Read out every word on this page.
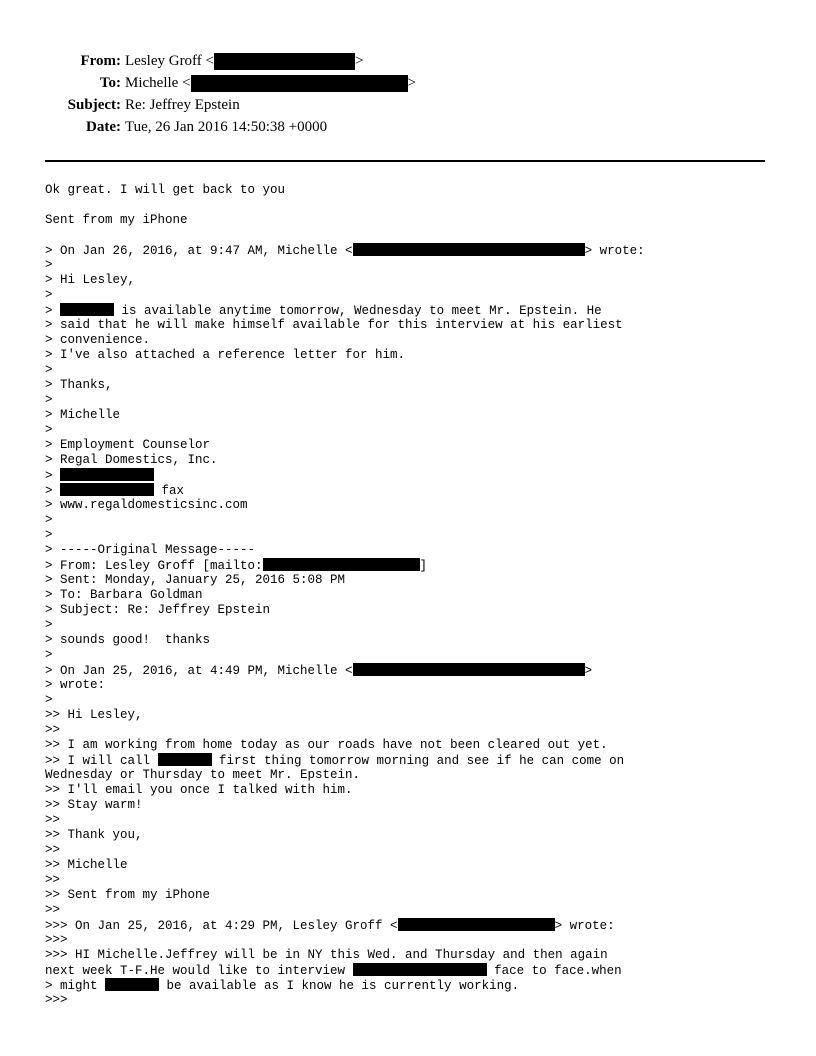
From: Lesley Groff <	>
To: Michelle <	>
Subject: Re: Jeffrey Epstein
Date: Tue, 26 Jan 2016 14:50:38 +0000
Ok great. I will get back to you
Sent from my iPhone
> On Jan 26, 2016, at 9:47 AM, Michelle <	> wrote:
>
> Hi Lesley,
>
>	is available anytime tomorrow, Wednesday to meet Mr. Epstein. He
> said that he will make himself available for this interview at his earliest
> convenience.
> I've also attached a reference letter for him.
>
> Thanks,
>
> Michelle
>
> Employment Counselor
> Regal Domestics, Inc.
>
>	fax
> www.regaldomesticsinc.com
>
>
> -----Original Message-----
> From: Lesley Groff [mailto:	]
> Sent: Monday, January 25, 2016 5:08 PM
> To: Barbara Goldman
> Subject: Re: Jeffrey Epstein
>
> sounds good!  thanks
>
> On Jan 25, 2016, at 4:49 PM, Michelle <	>
> wrote:
>
>> Hi Lesley,
>>
>> I am working from home today as our roads have not been cleared out yet.
>> I will call	first thing tomorrow morning and see if he can come on
Wednesday or Thursday to meet Mr. Epstein.
>> I'll email you once I talked with him.
>> Stay warm!
>>
>> Thank you,
>>
>> Michelle
>>
>> Sent from my iPhone
>>
>>> On Jan 25, 2016, at 4:29 PM, Lesley Groff <	> wrote:
>>>
>>> HI Michelle.Jeffrey will be in NY this Wed. and Thursday and then again
next week T-F.He would like to interview	face to face.when
> might	be available as I know he is currently working.
>>>
